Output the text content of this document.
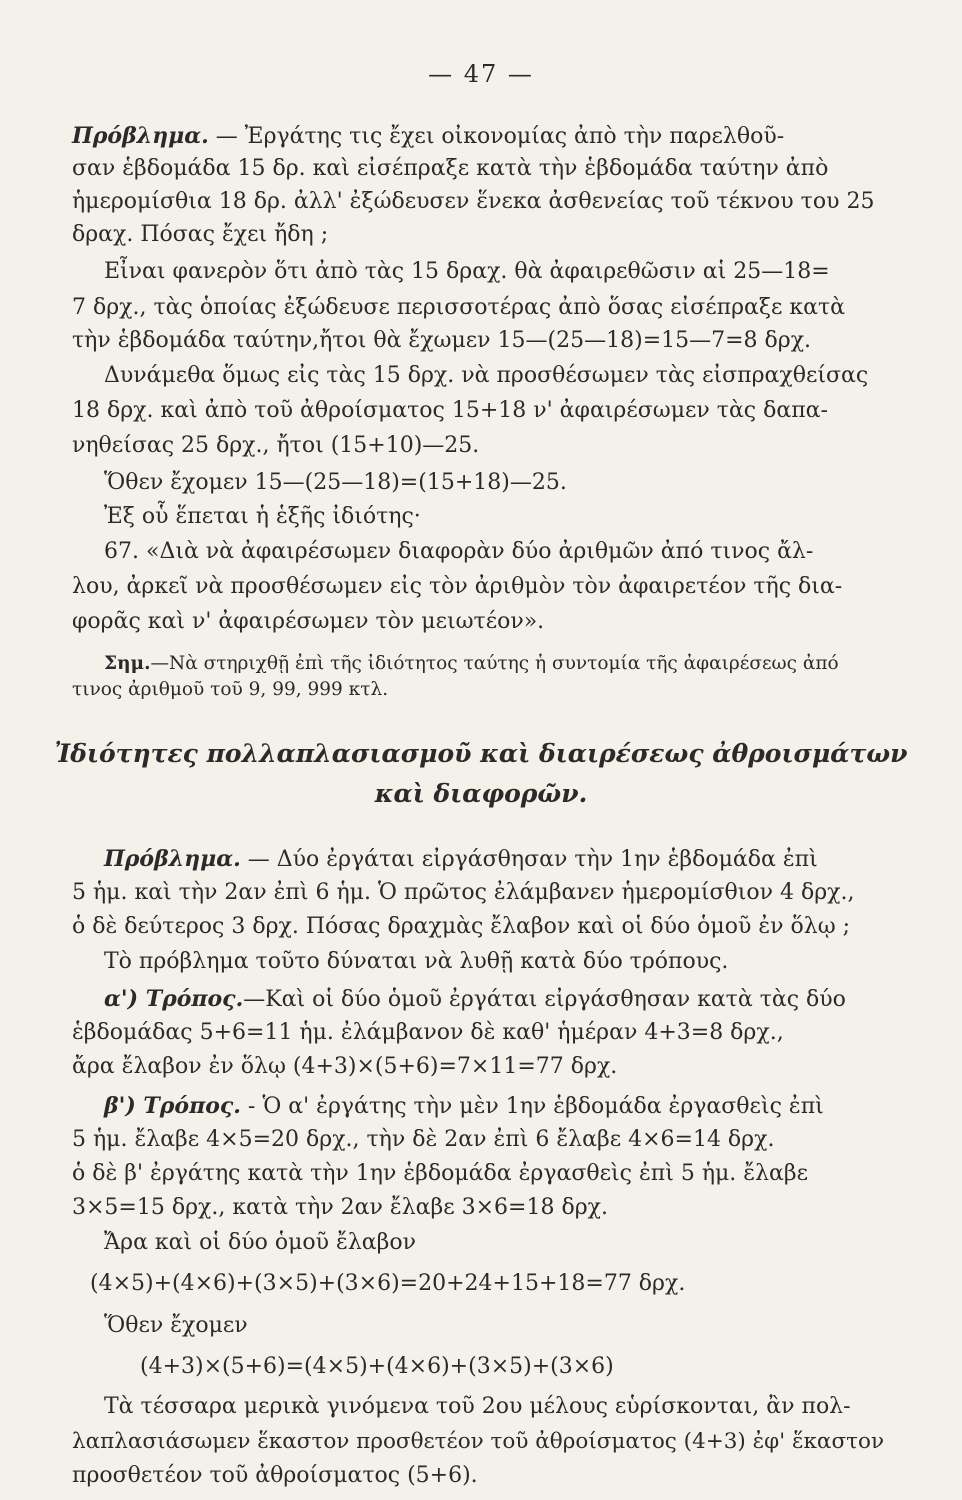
— 47 —
Πρόβλημα. — Ἐργάτης τις ἔχει οἰκονομίας ἀπὸ τὴν παρελθοῦ-
σαν ἑβδομάδα 15 δρ. καὶ εἰσέπραξε κατὰ τὴν ἑβδομάδα ταύτην ἀπὸ
ἡμερομίσθια 18 δρ. ἀλλ' ἐξώδευσεν ἕνεκα ἀσθενείας τοῦ τέκνου του 25
δραχ. Πόσας ἔχει ἤδη ;
Εἶναι φανερὸν ὅτι ἀπὸ τὰς 15 δραχ. θὰ ἀφαιρεθῶσιν αἱ 25—18=
7 δρχ., τὰς ὁποίας ἐξώδευσε περισσοτέρας ἀπὸ ὅσας εἰσέπραξε κατὰ
τὴν ἑβδομάδα ταύτην,ἤτοι θὰ ἔχωμεν 15—(25—18)=15—7=8 δρχ.
Δυνάμεθα ὅμως εἰς τὰς 15 δρχ. νὰ προσθέσωμεν τὰς εἰσπραχθείσας
18 δρχ. καὶ ἀπὸ τοῦ ἀθροίσματος 15+18 ν' ἀφαιρέσωμεν τὰς δαπα-
νηθείσας 25 δρχ., ἤτοι (15+10)—25.
Ὅθεν ἔχομεν 15—(25—18)=(15+18)—25.
Ἐξ οὗ ἕπεται ἡ ἑξῆς ἰδιότης·
67. «Διὰ νὰ ἀφαιρέσωμεν διαφορὰν δύο ἀριθμῶν ἀπό τινος ἄλ-
λου, ἀρκεῖ νὰ προσθέσωμεν εἰς τὸν ἀριθμὸν τὸν ἀφαιρετέον τῆς δια-
φορᾶς καὶ ν' ἀφαιρέσωμεν τὸν μειωτέον».
Σημ.—Νὰ στηριχθῇ ἐπὶ τῆς ἰδιότητος ταύτης ἡ συντομία τῆς ἀφαιρέσεως ἀπό
τινος ἀριθμοῦ τοῦ 9, 99, 999 κτλ.
Ἰδιότητες πολλαπλασιασμοῦ καὶ διαιρέσεως ἀθροισμάτων
καὶ διαφορῶν.
Πρόβλημα. — Δύο ἐργάται εἰργάσθησαν τὴν 1ην ἑβδομάδα ἐπὶ
5 ἡμ. καὶ τὴν 2αν ἐπὶ 6 ἡμ. Ὁ πρῶτος ἐλάμβανεν ἡμερομίσθιον 4 δρχ.,
ὁ δὲ δεύτερος 3 δρχ. Πόσας δραχμὰς ἔλαβον καὶ οἱ δύο ὁμοῦ ἐν ὅλῳ ;
Τὸ πρόβλημα τοῦτο δύναται νὰ λυθῇ κατὰ δύο τρόπους.
α') Τρόπος.—Καὶ οἱ δύο ὁμοῦ ἐργάται εἰργάσθησαν κατὰ τὰς δύο
ἑβδομάδας 5+6=11 ἡμ. ἐλάμβανον δὲ καθ' ἡμέραν 4+3=8 δρχ.,
ἄρα ἔλαβον ἐν ὅλῳ (4+3)×(5+6)=7×11=77 δρχ.
β') Τρόπος. - Ὁ α' ἐργάτης τὴν μὲν 1ην ἑβδομάδα ἐργασθεὶς ἐπὶ
5 ἡμ. ἔλαβε 4×5=20 δρχ., τὴν δὲ 2αν ἐπὶ 6 ἔλαβε 4×6=14 δρχ.
ὁ δὲ β' ἐργάτης κατὰ τὴν 1ην ἑβδομάδα ἐργασθεὶς ἐπὶ 5 ἡμ. ἔλαβε
3×5=15 δρχ., κατὰ τὴν 2αν ἔλαβε 3×6=18 δρχ.
Ἄρα καὶ οἱ δύο ὁμοῦ ἔλαβον
(4×5)+(4×6)+(3×5)+(3×6)=20+24+15+18=77 δρχ.
Ὅθεν ἔχομεν
(4+3)×(5+6)=(4×5)+(4×6)+(3×5)+(3×6)
Τὰ τέσσαρα μερικὰ γινόμενα τοῦ 2ου μέλους εὑρίσκονται, ἂν πολ-
λαπλασιάσωμεν ἕκαστον προσθετέον τοῦ ἀθροίσματος (4+3) ἐφ' ἕκαστον
προσθετέον τοῦ ἀθροίσματος (5+6).
